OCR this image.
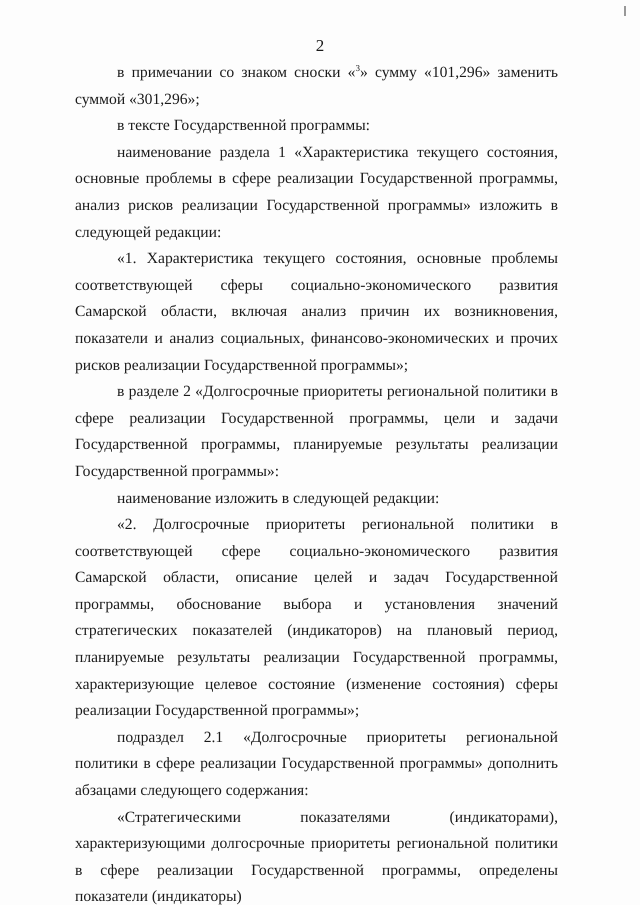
2

в примечании со знаком сноски «$^3$» сумму «101,296» заменить суммой «301,296»;

в тексте Государственной программы:

наименование раздела 1 «Характеристика текущего состояния, основные проблемы в сфере реализации Государственной программы, анализ рисков реализации Государственной программы» изложить в следующей редакции:

«1. Характеристика текущего состояния, основные проблемы соответствующей сферы социально-экономического развития Самарской области, включая анализ причин их возникновения, показатели и анализ социальных, финансово-экономических и прочих рисков реализации Государственной программы»;

в разделе 2 «Долгосрочные приоритеты региональной политики в сфере реализации Государственной программы, цели и задачи Государственной программы, планируемые результаты реализации Государственной программы»:

наименование изложить в следующей редакции:

«2. Долгосрочные приоритеты региональной политики в соответствующей сфере социально-экономического развития Самарской области, описание целей и задач Государственной программы, обоснование выбора и установления значений стратегических показателей (индикаторов) на плановый период, планируемые результаты реализации Государственной программы, характеризующие целевое состояние (изменение состояния) сферы реализации Государственной программы»;

подраздел 2.1 «Долгосрочные приоритеты региональной политики в сфере реализации Государственной программы» дополнить абзацами следующего содержания:

«Стратегическими показателями (индикаторами), характеризующими долгосрочные приоритеты региональной политики в сфере реализации Государственной программы, определены показатели (индикаторы)
